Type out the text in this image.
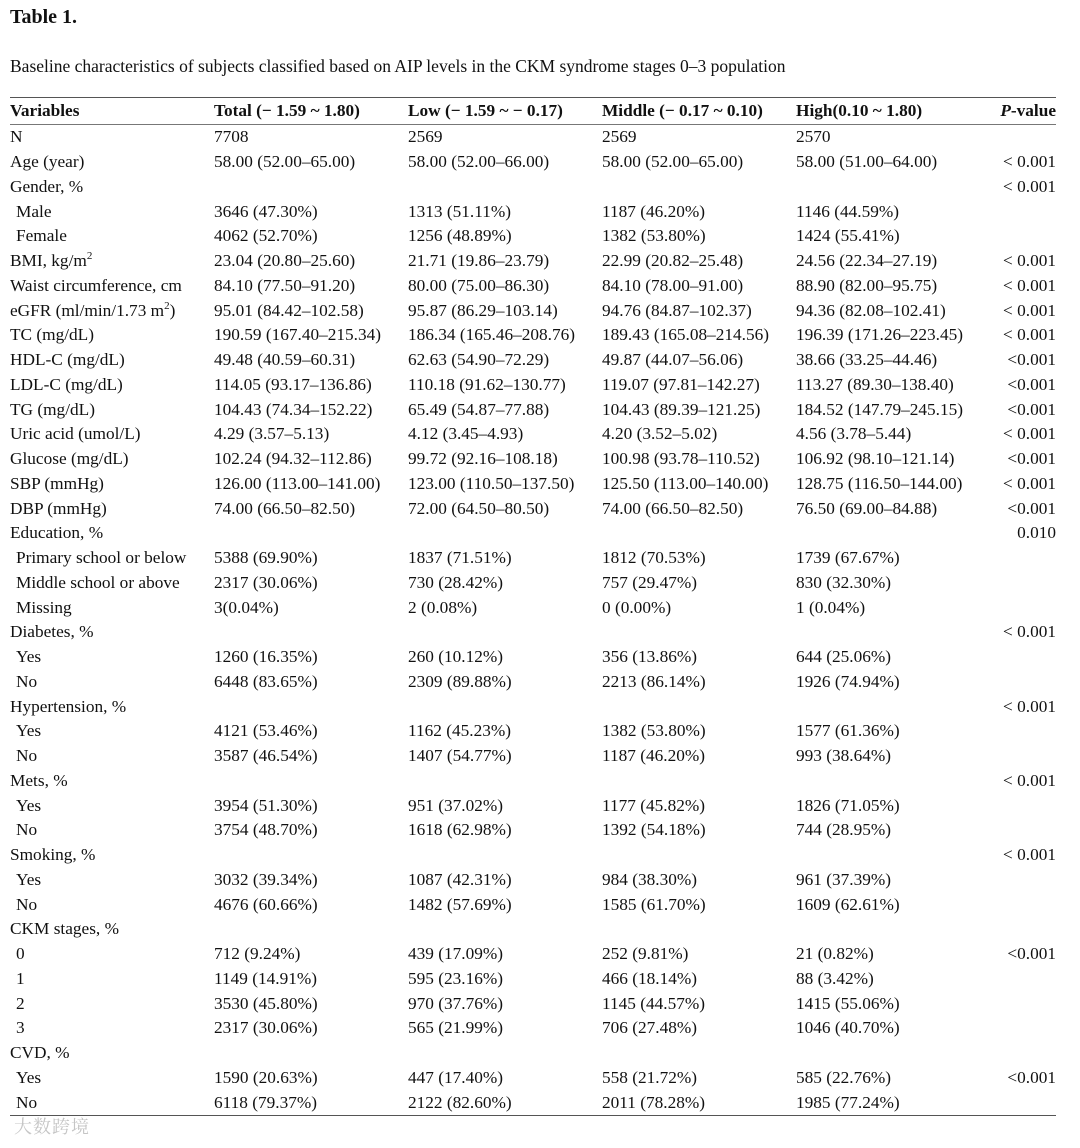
Table 1.
Baseline characteristics of subjects classified based on AIP levels in the CKM syndrome stages 0–3 population
Variables	Total (− 1.59 ~ 1.80)	Low (− 1.59 ~ − 0.17)	Middle (− 0.17 ~ 0.10)	High(0.10 ~ 1.80)	P-value
N	7708	2569	2569	2570	
Age (year)	58.00 (52.00–65.00)	58.00 (52.00–66.00)	58.00 (52.00–65.00)	58.00 (51.00–64.00)	< 0.001
Gender, %					< 0.001
Male	3646 (47.30%)	1313 (51.11%)	1187 (46.20%)	1146 (44.59%)	
Female	4062 (52.70%)	1256 (48.89%)	1382 (53.80%)	1424 (55.41%)	
BMI, $kg/m^2$	23.04 (20.80–25.60)	21.71 (19.86–23.79)	22.99 (20.82–25.48)	24.56 (22.34–27.19)	< 0.001
Waist circumference, cm	84.10 (77.50–91.20)	80.00 (75.00–86.30)	84.10 (78.00–91.00)	88.90 (82.00–95.75)	< 0.001
eGFR (ml/min/1.73 $m^2$)	95.01 (84.42–102.58)	95.87 (86.29–103.14)	94.76 (84.87–102.37)	94.36 (82.08–102.41)	< 0.001
TC (mg/dL)	190.59 (167.40–215.34)	186.34 (165.46–208.76)	189.43 (165.08–214.56)	196.39 (171.26–223.45)	< 0.001
HDL-C (mg/dL)	49.48 (40.59–60.31)	62.63 (54.90–72.29)	49.87 (44.07–56.06)	38.66 (33.25–44.46)	<0.001
LDL-C (mg/dL)	114.05 (93.17–136.86)	110.18 (91.62–130.77)	119.07 (97.81–142.27)	113.27 (89.30–138.40)	<0.001
TG (mg/dL)	104.43 (74.34–152.22)	65.49 (54.87–77.88)	104.43 (89.39–121.25)	184.52 (147.79–245.15)	<0.001
Uric acid (umol/L)	4.29 (3.57–5.13)	4.12 (3.45–4.93)	4.20 (3.52–5.02)	4.56 (3.78–5.44)	< 0.001
Glucose (mg/dL)	102.24 (94.32–112.86)	99.72 (92.16–108.18)	100.98 (93.78–110.52)	106.92 (98.10–121.14)	<0.001
SBP (mmHg)	126.00 (113.00–141.00)	123.00 (110.50–137.50)	125.50 (113.00–140.00)	128.75 (116.50–144.00)	< 0.001
DBP (mmHg)	74.00 (66.50–82.50)	72.00 (64.50–80.50)	74.00 (66.50–82.50)	76.50 (69.00–84.88)	<0.001
Education, %					0.010
Primary school or below	5388 (69.90%)	1837 (71.51%)	1812 (70.53%)	1739 (67.67%)	
Middle school or above	2317 (30.06%)	730 (28.42%)	757 (29.47%)	830 (32.30%)	
Missing	3(0.04%)	2 (0.08%)	0 (0.00%)	1 (0.04%)	
Diabetes, %					< 0.001
Yes	1260 (16.35%)	260 (10.12%)	356 (13.86%)	644 (25.06%)	
No	6448 (83.65%)	2309 (89.88%)	2213 (86.14%)	1926 (74.94%)	
Hypertension, %					< 0.001
Yes	4121 (53.46%)	1162 (45.23%)	1382 (53.80%)	1577 (61.36%)	
No	3587 (46.54%)	1407 (54.77%)	1187 (46.20%)	993 (38.64%)	
Mets, %					< 0.001
Yes	3954 (51.30%)	951 (37.02%)	1177 (45.82%)	1826 (71.05%)	
No	3754 (48.70%)	1618 (62.98%)	1392 (54.18%)	744 (28.95%)	
Smoking, %					< 0.001
Yes	3032 (39.34%)	1087 (42.31%)	984 (38.30%)	961 (37.39%)	
No	4676 (60.66%)	1482 (57.69%)	1585 (61.70%)	1609 (62.61%)	
CKM stages, %					
0	712 (9.24%)	439 (17.09%)	252 (9.81%)	21 (0.82%)	<0.001
1	1149 (14.91%)	595 (23.16%)	466 (18.14%)	88 (3.42%)	
2	3530 (45.80%)	970 (37.76%)	1145 (44.57%)	1415 (55.06%)	
3	2317 (30.06%)	565 (21.99%)	706 (27.48%)	1046 (40.70%)	
CVD, %					
Yes	1590 (20.63%)	447 (17.40%)	558 (21.72%)	585 (22.76%)	<0.001
No	6118 (79.37%)	2122 (82.60%)	2011 (78.28%)	1985 (77.24%)	
大数跨境
